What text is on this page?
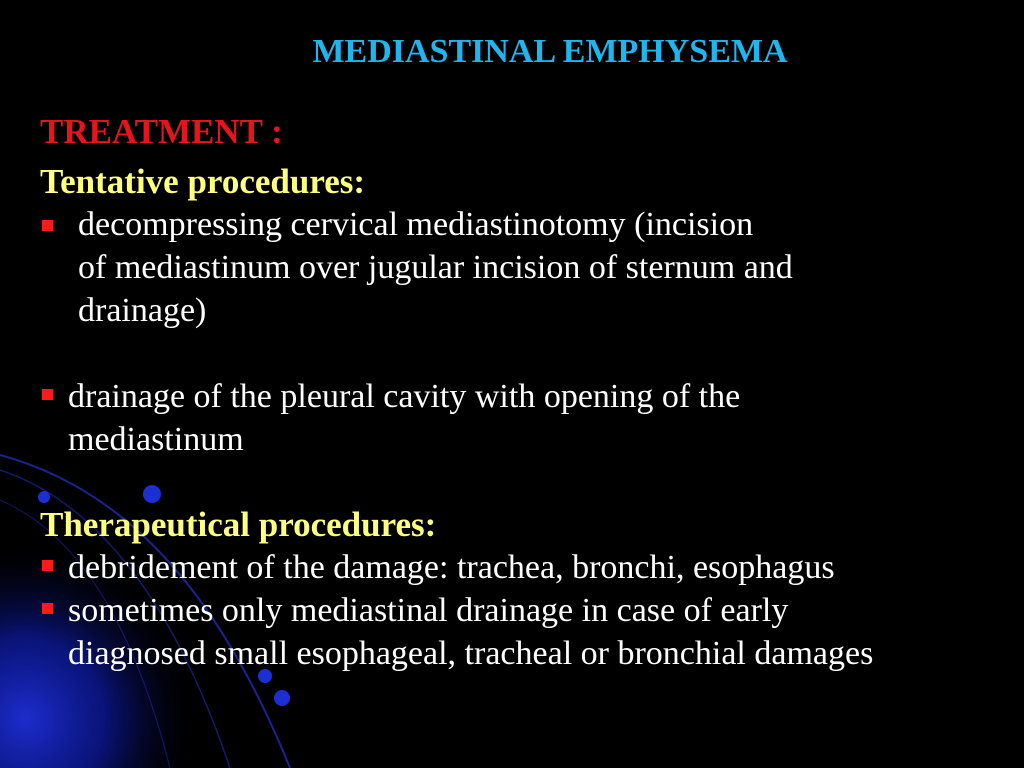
MEDIASTINAL EMPHYSEMA
TREATMENT :
Tentative procedures:
decompressing cervical mediastinotomy (incision
of mediastinum over jugular incision of sternum and
drainage)
drainage of the pleural cavity with opening of the
mediastinum
Therapeutical procedures:
debridement of the damage: trachea, bronchi, esophagus
sometimes only mediastinal drainage in case of early
diagnosed small esophageal, tracheal or bronchial damages
